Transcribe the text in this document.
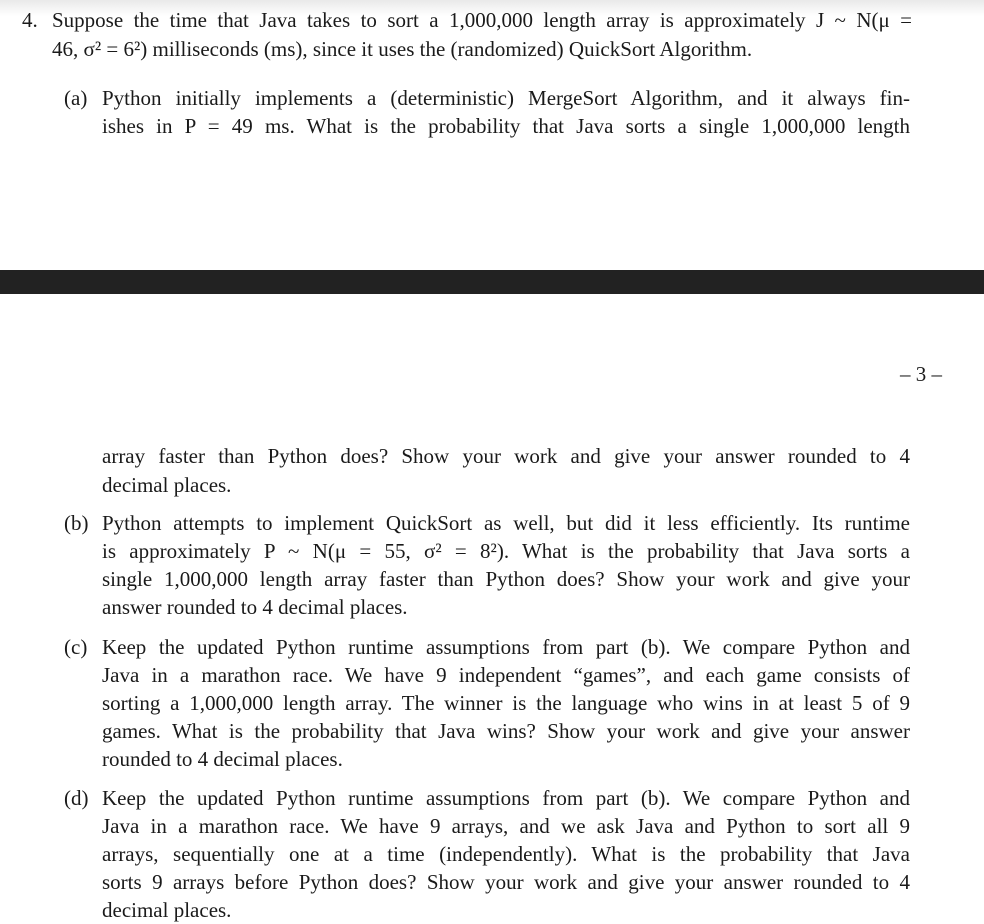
4. Suppose the time that Java takes to sort a 1,000,000 length array is approximately J ~ N(μ =
46, σ² = 6²) milliseconds (ms), since it uses the (randomized) QuickSort Algorithm.
(a) Python initially implements a (deterministic) MergeSort Algorithm, and it always fin-
ishes in P = 49 ms. What is the probability that Java sorts a single 1,000,000 length
– 3 –
array faster than Python does? Show your work and give your answer rounded to 4
decimal places.
(b) Python attempts to implement QuickSort as well, but did it less efficiently. Its runtime
is approximately P ~ N(μ = 55, σ² = 8²). What is the probability that Java sorts a
single 1,000,000 length array faster than Python does? Show your work and give your
answer rounded to 4 decimal places.
(c) Keep the updated Python runtime assumptions from part (b). We compare Python and
Java in a marathon race. We have 9 independent “games”, and each game consists of
sorting a 1,000,000 length array. The winner is the language who wins in at least 5 of 9
games. What is the probability that Java wins? Show your work and give your answer
rounded to 4 decimal places.
(d) Keep the updated Python runtime assumptions from part (b). We compare Python and
Java in a marathon race. We have 9 arrays, and we ask Java and Python to sort all 9
arrays, sequentially one at a time (independently). What is the probability that Java
sorts 9 arrays before Python does? Show your work and give your answer rounded to 4
decimal places.
